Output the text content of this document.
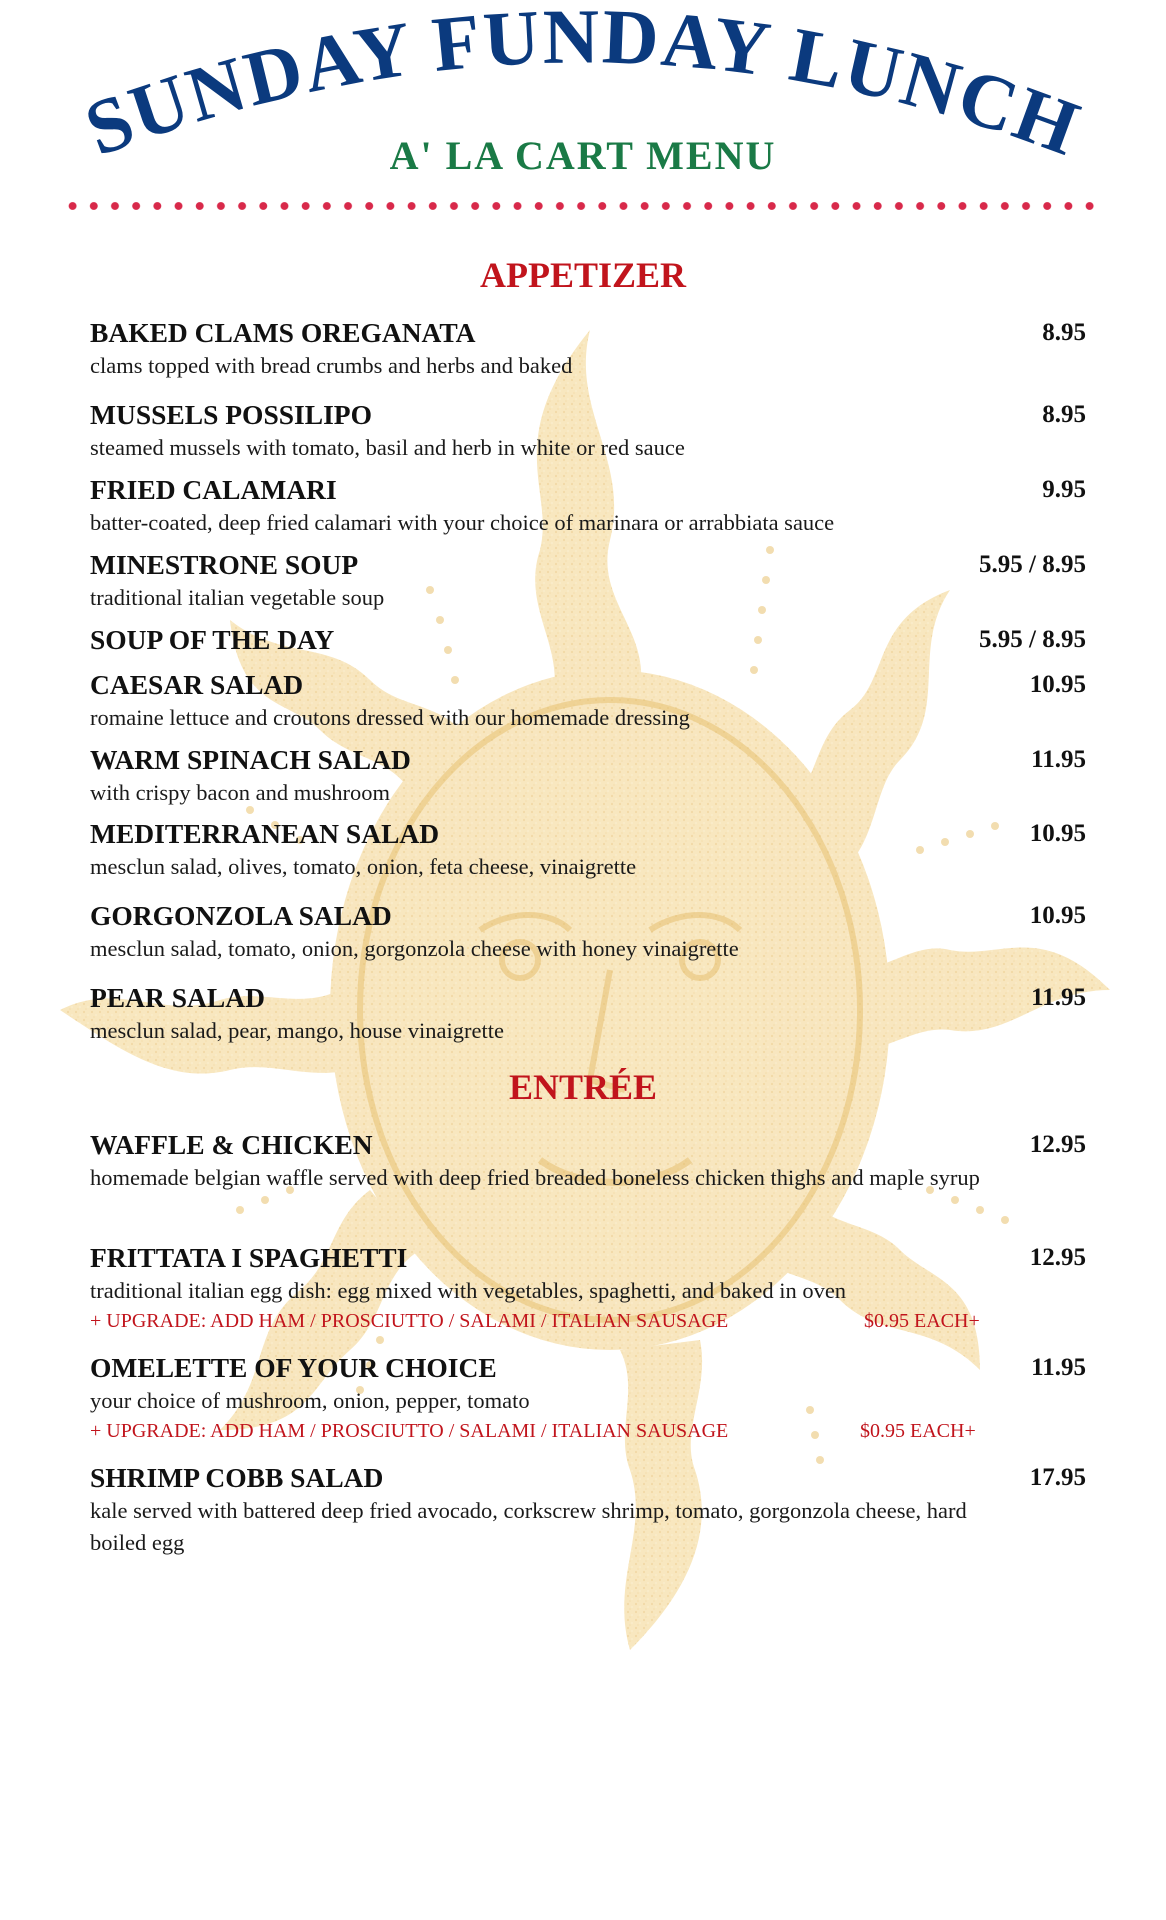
SUNDAY FUNDAY LUNCH
A' LA CART MENU
APPETIZER
BAKED CLAMS OREGANATA	8.95
clams topped with bread crumbs and herbs and baked
MUSSELS POSSILIPO	8.95
steamed mussels with tomato, basil and herb in white or red sauce
FRIED CALAMARI	9.95
batter-coated, deep fried calamari with your choice of marinara or arrabbiata sauce
MINESTRONE SOUP	5.95 / 8.95
traditional italian vegetable soup
SOUP OF THE DAY	5.95 / 8.95
CAESAR SALAD	10.95
romaine lettuce and croutons dressed with our homemade dressing
WARM SPINACH SALAD	11.95
with crispy bacon and mushroom
MEDITERRANEAN SALAD	10.95
mesclun salad, olives, tomato, onion, feta cheese, vinaigrette
GORGONZOLA SALAD	10.95
mesclun salad, tomato, onion, gorgonzola cheese with honey vinaigrette
PEAR SALAD	11.95
mesclun salad, pear, mango, house vinaigrette
ENTRÉE
WAFFLE & CHICKEN	12.95
homemade belgian waffle served with deep fried breaded boneless chicken thighs and maple syrup
FRITTATA I SPAGHETTI	12.95
traditional italian egg dish: egg mixed with vegetables, spaghetti, and baked in oven
+ UPGRADE: ADD HAM / PROSCIUTTO / SALAMI / ITALIAN SAUSAGE	$0.95 EACH+
OMELETTE OF YOUR CHOICE	11.95
your choice of mushroom, onion, pepper, tomato
+ UPGRADE: ADD HAM / PROSCIUTTO / SALAMI / ITALIAN SAUSAGE	$0.95 EACH+
SHRIMP COBB SALAD	17.95
kale served with battered deep fried avocado, corkscrew shrimp, tomato, gorgonzola cheese, hard boiled egg
